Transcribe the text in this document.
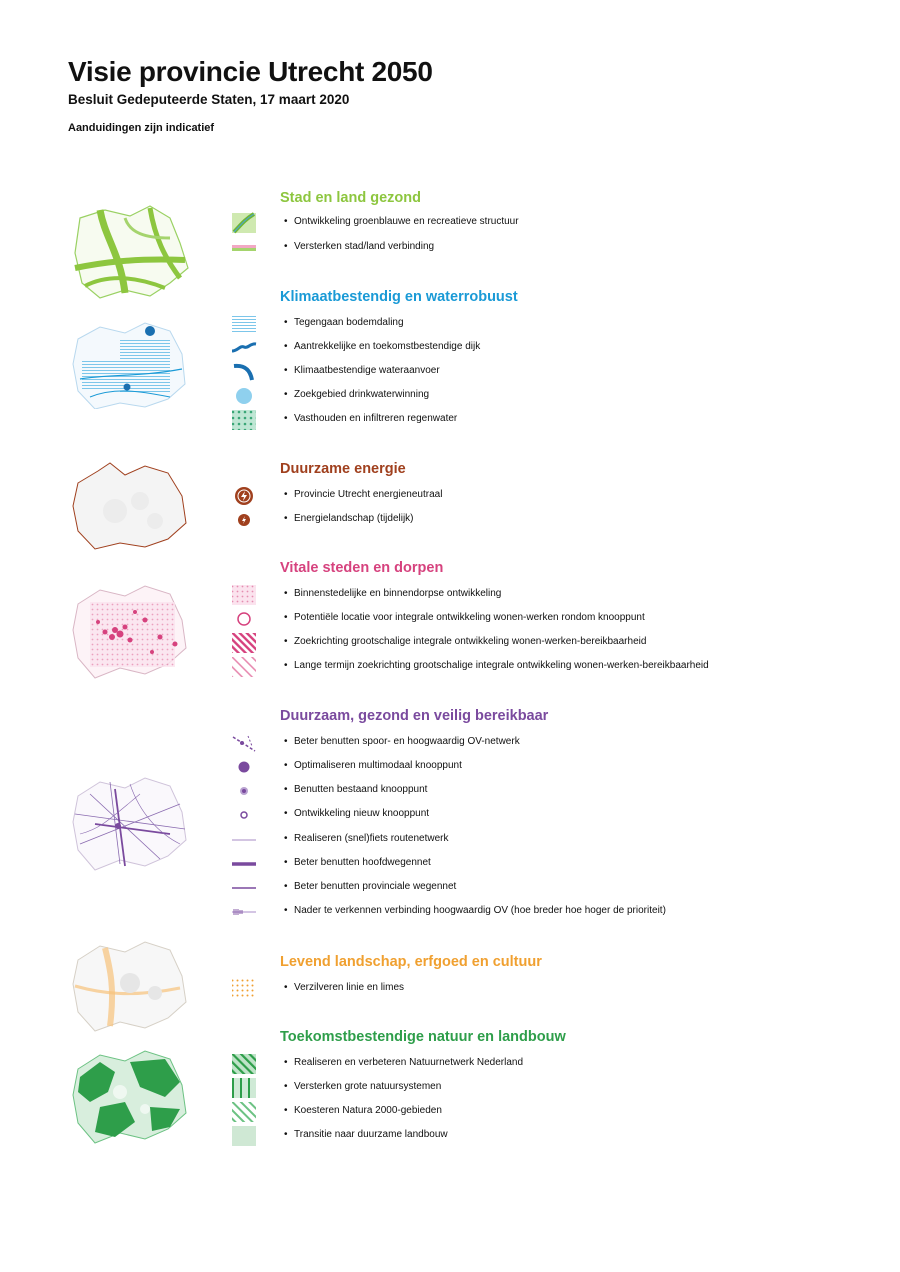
Visie provincie Utrecht 2050
Besluit Gedeputeerde Staten, 17 maart 2020
Aanduidingen zijn indicatief
Stad en land gezond
• Ontwikkeling groenblauwe en recreatieve structuur
• Versterken stad/land verbinding
Klimaatbestendig en waterrobuust
• Tegengaan bodemdaling
• Aantrekkelijke en toekomstbestendige dijk
• Klimaatbestendige wateraanvoer
• Zoekgebied drinkwaterwinning
• Vasthouden en infiltreren regenwater
Duurzame energie
• Provincie Utrecht energieneutraal
• Energielandschap (tijdelijk)
Vitale steden en dorpen
• Binnenstedelijke en binnendorpse ontwikkeling
• Potentiële locatie voor integrale ontwikkeling wonen-werken rondom knooppunt
• Zoekrichting grootschalige integrale ontwikkeling wonen-werken-bereikbaarheid
• Lange termijn zoekrichting grootschalige integrale ontwikkeling wonen-werken-bereikbaarheid
Duurzaam, gezond en veilig bereikbaar
• Beter benutten spoor- en hoogwaardig OV-netwerk
• Optimaliseren multimodaal knooppunt
• Benutten bestaand knooppunt
• Ontwikkeling nieuw knooppunt
• Realiseren (snel)fiets routenetwerk
• Beter benutten hoofdwegennet
• Beter benutten provinciale wegennet
• Nader te verkennen verbinding hoogwaardig OV (hoe breder hoe hoger de prioriteit)
Levend landschap, erfgoed en cultuur
• Verzilveren linie en limes
Toekomstbestendige natuur en landbouw
• Realiseren en verbeteren Natuurnetwerk Nederland
• Versterken grote natuursystemen
• Koesteren Natura 2000-gebieden
• Transitie naar duurzame landbouw
